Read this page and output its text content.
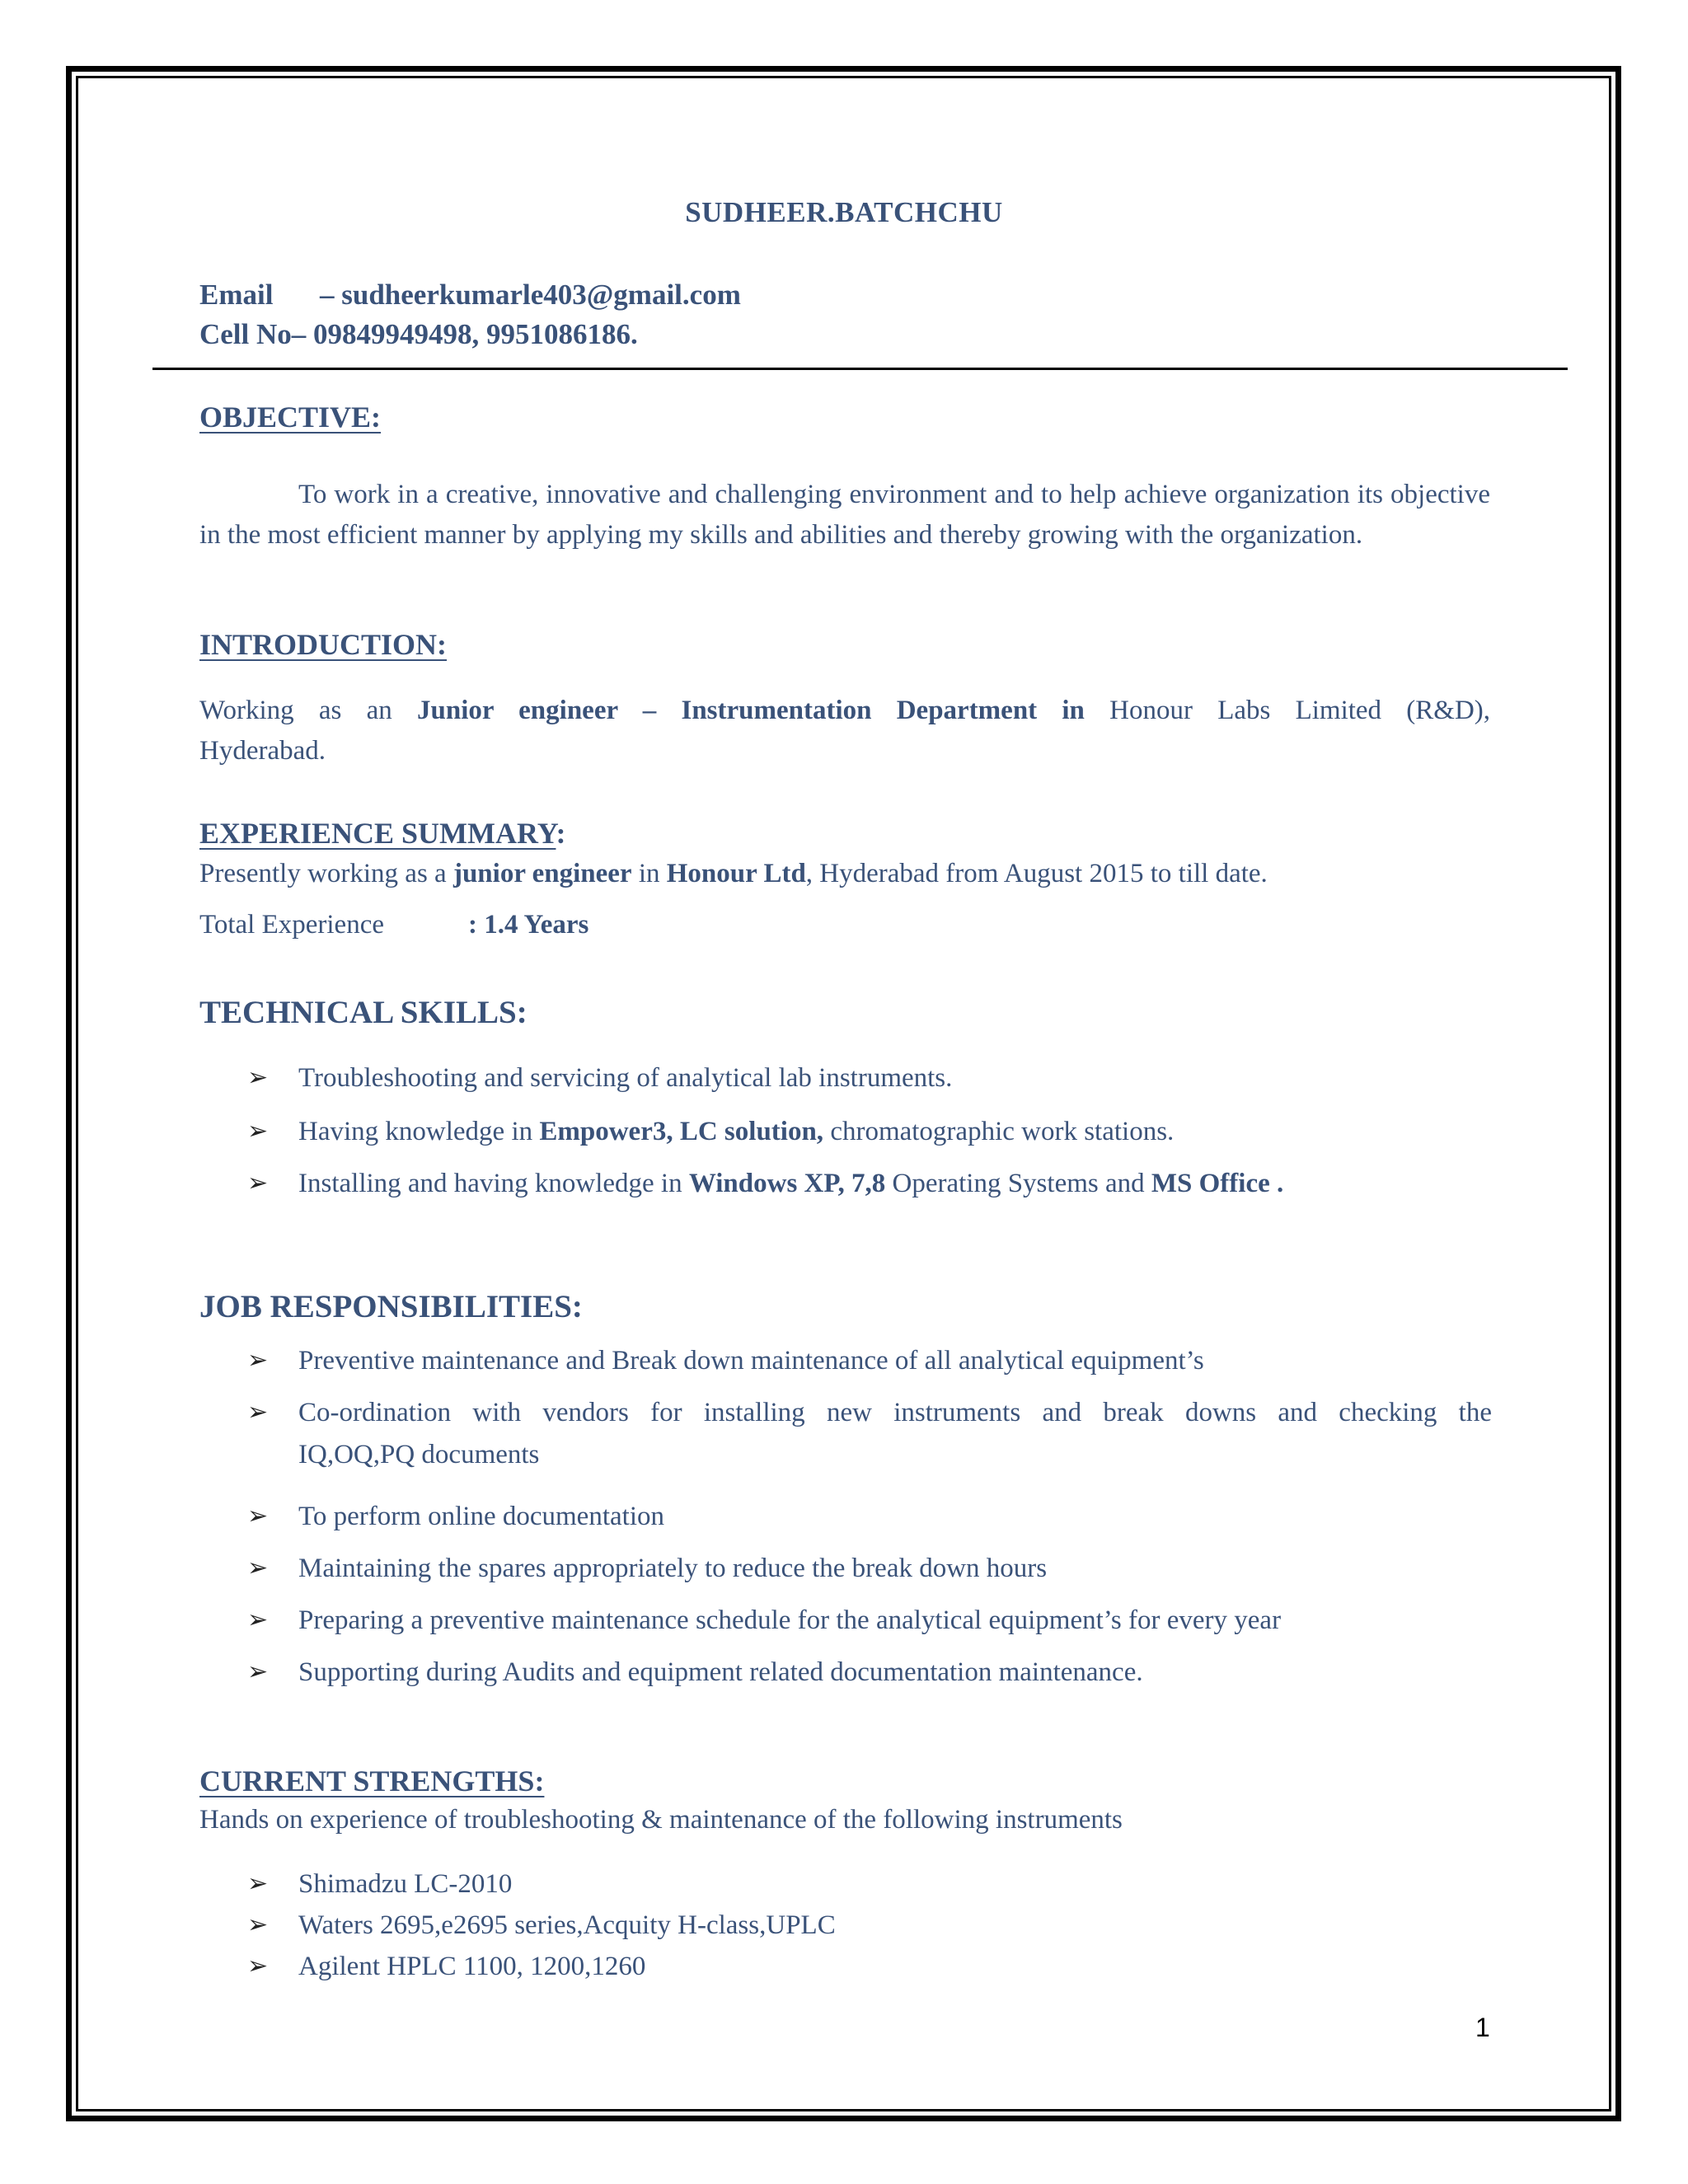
SUDHEER.BATCHCHU
Email – sudheerkumarle403@gmail.com
Cell No– 09849949498, 9951086186.
OBJECTIVE:
To work in a creative, innovative and challenging environment and to help achieve organization its objective in the most efficient manner by applying my skills and abilities and thereby growing with the organization.
INTRODUCTION:
Working as an Junior engineer – Instrumentation Department in Honour Labs Limited (R&D),
Hyderabad.
EXPERIENCE SUMMARY:
Presently working as a junior engineer in Honour Ltd, Hyderabad from August 2015 to till date.
Total Experience	: 1.4 Years
TECHNICAL SKILLS:
➢ Troubleshooting and servicing of analytical lab instruments.
➢ Having knowledge in Empower3, LC solution, chromatographic work stations.
➢ Installing and having knowledge in Windows XP, 7,8 Operating Systems and MS Office .
JOB RESPONSIBILITIES:
➢ Preventive maintenance and Break down maintenance of all analytical equipment’s
➢ Co-ordination with vendors for installing new instruments and break downs and checking the
IQ,OQ,PQ documents
➢ To perform online documentation
➢ Maintaining the spares appropriately to reduce the break down hours
➢ Preparing a preventive maintenance schedule for the analytical equipment’s for every year
➢ Supporting during Audits and equipment related documentation maintenance.
CURRENT STRENGTHS:
Hands on experience of troubleshooting & maintenance of the following instruments
➢ Shimadzu LC-2010
➢ Waters 2695,e2695 series,Acquity H-class,UPLC
➢ Agilent HPLC 1100, 1200,1260
1
